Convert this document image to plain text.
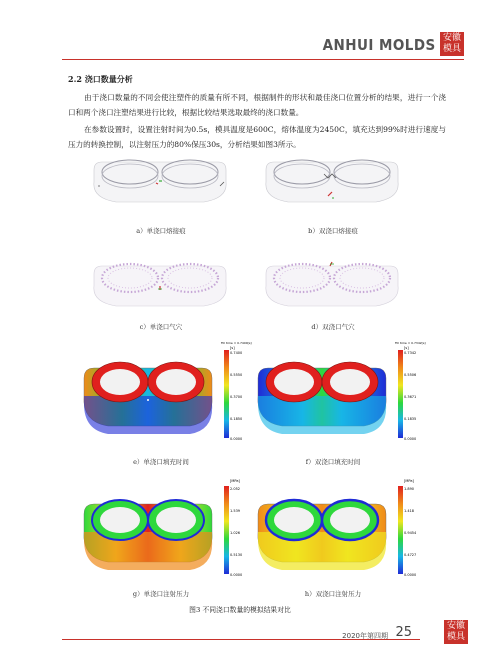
ANHUI MOLDS 安徽
模具
2.2 浇口数量分析
由于浇口数量的不同会使注塑件的质量有所不同，根据制件的形状和最佳浇口位置分析的结果，进行一个浇口和两个浇口注塑结果进行比较，根据比较结果选取最终的浇口数量。
在参数设置时，设置注射时间为0.5s，模具温度是600C，熔体温度为2450C，填充达到99%时进行速度与压力的转换控制，以注射压力的80%保压30s，分析结果如图3所示。
a）单浇口熔接痕	b）双浇口熔接痕
c）单浇口气穴	d）双浇口气穴
Fill time = 0.7400[s]
[s]
0.7400
0.5550
0.3700
0.1850
0.0000
e）单浇口填充时间
Fill time = 0.7342[s]
[s]
0.7342
0.5506
0.3671
0.1835
0.0000
f）双浇口填充时间
[MPa]
2.052
1.539
1.026
0.5130
0.0000
g）单浇口注射压力
[MPa]
1.890
1.418
0.9454
0.4727
0.0000
h）双浇口注射压力
图3 不同浇口数量的模拟结果对比
2020年第四期 25	安徽
模具
